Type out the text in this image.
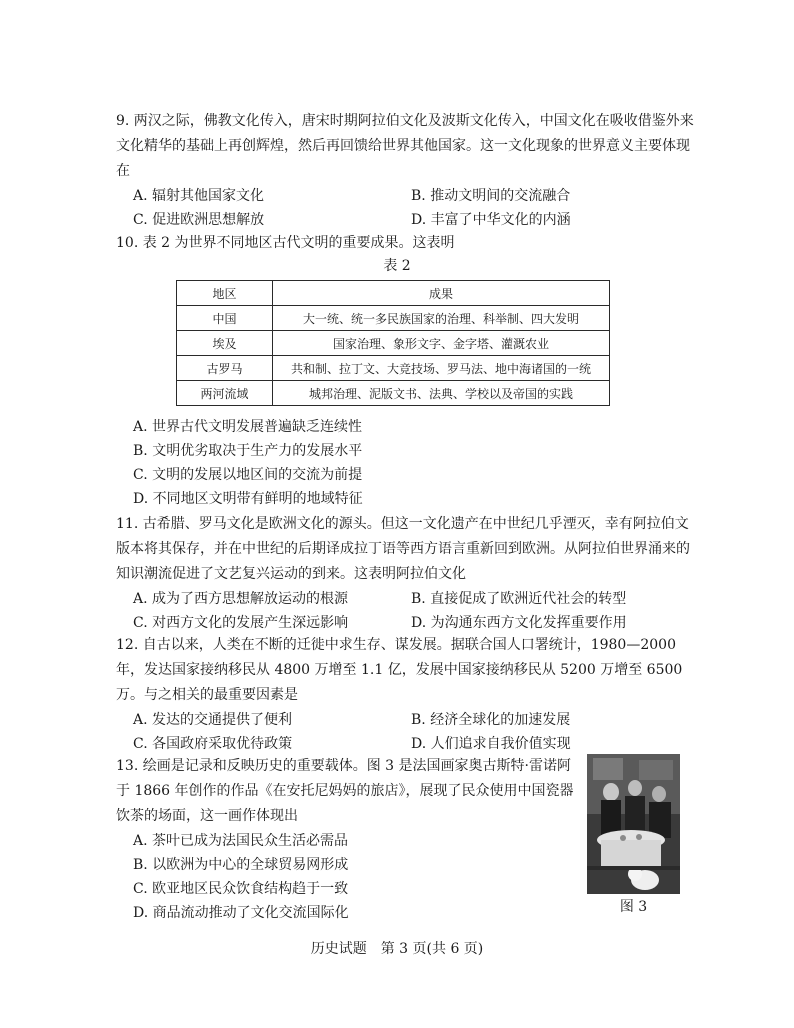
9. 两汉之际，佛教文化传入，唐宋时期阿拉伯文化及波斯文化传入，中国文化在吸收借鉴外来文化精华的基础上再创辉煌，然后再回馈给世界其他国家。这一文化现象的世界意义主要体现在
A. 辐射其他国家文化	B. 推动文明间的交流融合
C. 促进欧洲思想解放	D. 丰富了中华文化的内涵
10. 表 2 为世界不同地区古代文明的重要成果。这表明
表 2
地区	成果
中国	大一统、统一多民族国家的治理、科举制、四大发明
埃及	国家治理、象形文字、金字塔、灌溉农业
古罗马	共和制、拉丁文、大竞技场、罗马法、地中海诸国的一统
两河流域	城邦治理、泥版文书、法典、学校以及帝国的实践
A. 世界古代文明发展普遍缺乏连续性
B. 文明优劣取决于生产力的发展水平
C. 文明的发展以地区间的交流为前提
D. 不同地区文明带有鲜明的地域特征
11. 古希腊、罗马文化是欧洲文化的源头。但这一文化遗产在中世纪几乎湮灭，幸有阿拉伯文版本将其保存，并在中世纪的后期译成拉丁语等西方语言重新回到欧洲。从阿拉伯世界涌来的知识潮流促进了文艺复兴运动的到来。这表明阿拉伯文化
A. 成为了西方思想解放运动的根源	B. 直接促成了欧洲近代社会的转型
C. 对西方文化的发展产生深远影响	D. 为沟通东西方文化发挥重要作用
12. 自古以来，人类在不断的迁徙中求生存、谋发展。据联合国人口署统计，1980—2000 年，发达国家接纳移民从 4800 万增至 1.1 亿，发展中国家接纳移民从 5200 万增至 6500 万。与之相关的最重要因素是
A. 发达的交通提供了便利	B. 经济全球化的加速发展
C. 各国政府采取优待政策	D. 人们追求自我价值实现
13. 绘画是记录和反映历史的重要载体。图 3 是法国画家奥古斯特·雷诺阿于 1866 年创作的作品《在安托尼妈妈的旅店》，展现了民众使用中国瓷器饮茶的场面，这一画作体现出
A. 茶叶已成为法国民众生活必需品
B. 以欧洲为中心的全球贸易网形成
C. 欧亚地区民众饮食结构趋于一致
D. 商品流动推动了文化交流国际化	图 3
历史试题　第 3 页(共 6 页)
